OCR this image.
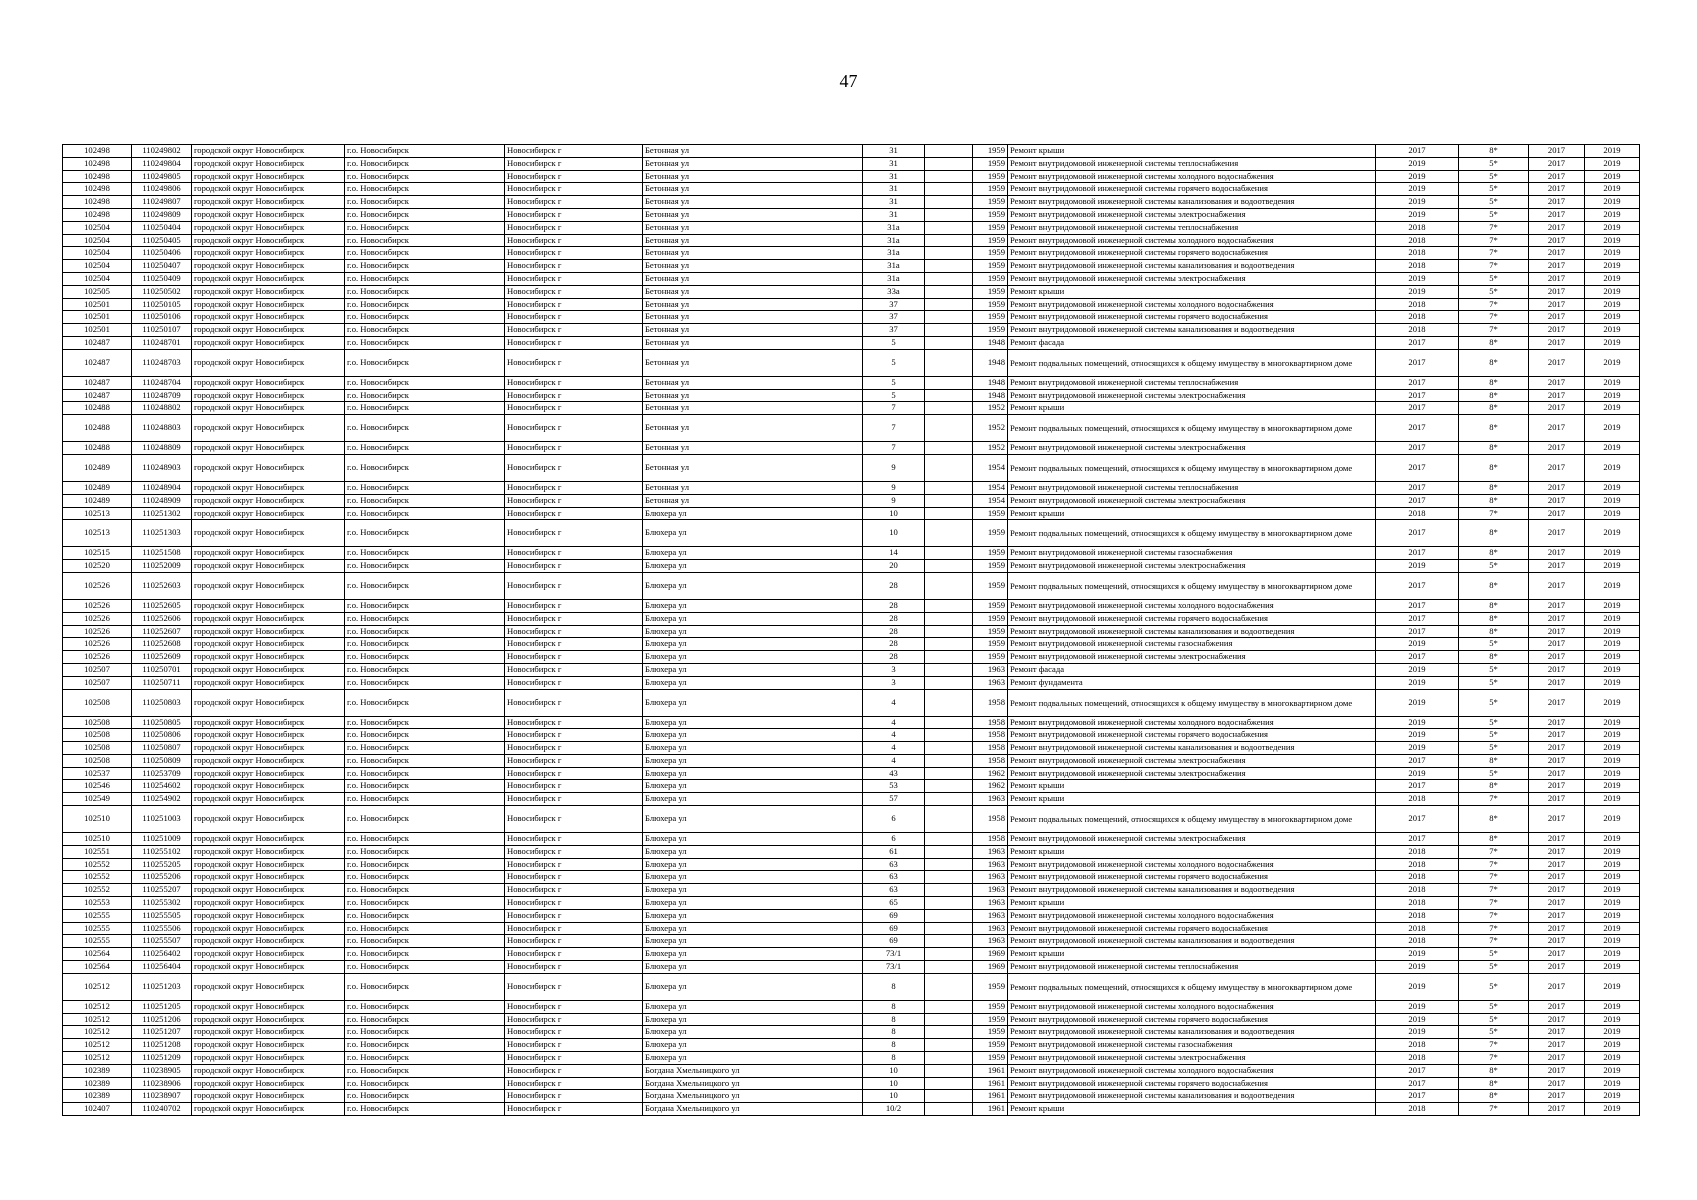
47
102498	110249802	городской округ Новосибирск	г.о. Новосибирск	Новосибирск г	Бетонная ул	31		1959	Ремонт крыши	2017	8*	2017	2019
102498	110249804	городской округ Новосибирск	г.о. Новосибирск	Новосибирск г	Бетонная ул	31		1959	Ремонт внутридомовой инженерной системы теплоснабжения	2019	5*	2017	2019
102498	110249805	городской округ Новосибирск	г.о. Новосибирск	Новосибирск г	Бетонная ул	31		1959	Ремонт внутридомовой инженерной системы холодного водоснабжения	2019	5*	2017	2019
102498	110249806	городской округ Новосибирск	г.о. Новосибирск	Новосибирск г	Бетонная ул	31		1959	Ремонт внутридомовой инженерной системы горячего водоснабжения	2019	5*	2017	2019
102498	110249807	городской округ Новосибирск	г.о. Новосибирск	Новосибирск г	Бетонная ул	31		1959	Ремонт внутридомовой инженерной системы канализования и водоотведения	2019	5*	2017	2019
102498	110249809	городской округ Новосибирск	г.о. Новосибирск	Новосибирск г	Бетонная ул	31		1959	Ремонт внутридомовой инженерной системы электроснабжения	2019	5*	2017	2019
102504	110250404	городской округ Новосибирск	г.о. Новосибирск	Новосибирск г	Бетонная ул	31а		1959	Ремонт внутридомовой инженерной системы теплоснабжения	2018	7*	2017	2019
102504	110250405	городской округ Новосибирск	г.о. Новосибирск	Новосибирск г	Бетонная ул	31а		1959	Ремонт внутридомовой инженерной системы холодного водоснабжения	2018	7*	2017	2019
102504	110250406	городской округ Новосибирск	г.о. Новосибирск	Новосибирск г	Бетонная ул	31а		1959	Ремонт внутридомовой инженерной системы горячего водоснабжения	2018	7*	2017	2019
102504	110250407	городской округ Новосибирск	г.о. Новосибирск	Новосибирск г	Бетонная ул	31а		1959	Ремонт внутридомовой инженерной системы канализования и водоотведения	2018	7*	2017	2019
102504	110250409	городской округ Новосибирск	г.о. Новосибирск	Новосибирск г	Бетонная ул	31а		1959	Ремонт внутридомовой инженерной системы электроснабжения	2019	5*	2017	2019
102505	110250502	городской округ Новосибирск	г.о. Новосибирск	Новосибирск г	Бетонная ул	33а		1959	Ремонт крыши	2019	5*	2017	2019
102501	110250105	городской округ Новосибирск	г.о. Новосибирск	Новосибирск г	Бетонная ул	37		1959	Ремонт внутридомовой инженерной системы холодного водоснабжения	2018	7*	2017	2019
102501	110250106	городской округ Новосибирск	г.о. Новосибирск	Новосибирск г	Бетонная ул	37		1959	Ремонт внутридомовой инженерной системы горячего водоснабжения	2018	7*	2017	2019
102501	110250107	городской округ Новосибирск	г.о. Новосибирск	Новосибирск г	Бетонная ул	37		1959	Ремонт внутридомовой инженерной системы канализования и водоотведения	2018	7*	2017	2019
102487	110248701	городской округ Новосибирск	г.о. Новосибирск	Новосибирск г	Бетонная ул	5		1948	Ремонт фасада	2017	8*	2017	2019
102487	110248703	городской округ Новосибирск	г.о. Новосибирск	Новосибирск г	Бетонная ул	5		1948	Ремонт подвальных помещений, относящихся к общему имуществу в многоквартирном доме	2017	8*	2017	2019
102487	110248704	городской округ Новосибирск	г.о. Новосибирск	Новосибирск г	Бетонная ул	5		1948	Ремонт внутридомовой инженерной системы теплоснабжения	2017	8*	2017	2019
102487	110248709	городской округ Новосибирск	г.о. Новосибирск	Новосибирск г	Бетонная ул	5		1948	Ремонт внутридомовой инженерной системы электроснабжения	2017	8*	2017	2019
102488	110248802	городской округ Новосибирск	г.о. Новосибирск	Новосибирск г	Бетонная ул	7		1952	Ремонт крыши	2017	8*	2017	2019
102488	110248803	городской округ Новосибирск	г.о. Новосибирск	Новосибирск г	Бетонная ул	7		1952	Ремонт подвальных помещений, относящихся к общему имуществу в многоквартирном доме	2017	8*	2017	2019
102488	110248809	городской округ Новосибирск	г.о. Новосибирск	Новосибирск г	Бетонная ул	7		1952	Ремонт внутридомовой инженерной системы электроснабжения	2017	8*	2017	2019
102489	110248903	городской округ Новосибирск	г.о. Новосибирск	Новосибирск г	Бетонная ул	9		1954	Ремонт подвальных помещений, относящихся к общему имуществу в многоквартирном доме	2017	8*	2017	2019
102489	110248904	городской округ Новосибирск	г.о. Новосибирск	Новосибирск г	Бетонная ул	9		1954	Ремонт внутридомовой инженерной системы теплоснабжения	2017	8*	2017	2019
102489	110248909	городской округ Новосибирск	г.о. Новосибирск	Новосибирск г	Бетонная ул	9		1954	Ремонт внутридомовой инженерной системы электроснабжения	2017	8*	2017	2019
102513	110251302	городской округ Новосибирск	г.о. Новосибирск	Новосибирск г	Блюхера ул	10		1959	Ремонт крыши	2018	7*	2017	2019
102513	110251303	городской округ Новосибирск	г.о. Новосибирск	Новосибирск г	Блюхера ул	10		1959	Ремонт подвальных помещений, относящихся к общему имуществу в многоквартирном доме	2017	8*	2017	2019
102515	110251508	городской округ Новосибирск	г.о. Новосибирск	Новосибирск г	Блюхера ул	14		1959	Ремонт внутридомовой инженерной системы газоснабжения	2017	8*	2017	2019
102520	110252009	городской округ Новосибирск	г.о. Новосибирск	Новосибирск г	Блюхера ул	20		1959	Ремонт внутридомовой инженерной системы электроснабжения	2019	5*	2017	2019
102526	110252603	городской округ Новосибирск	г.о. Новосибирск	Новосибирск г	Блюхера ул	28		1959	Ремонт подвальных помещений, относящихся к общему имуществу в многоквартирном доме	2017	8*	2017	2019
102526	110252605	городской округ Новосибирск	г.о. Новосибирск	Новосибирск г	Блюхера ул	28		1959	Ремонт внутридомовой инженерной системы холодного водоснабжения	2017	8*	2017	2019
102526	110252606	городской округ Новосибирск	г.о. Новосибирск	Новосибирск г	Блюхера ул	28		1959	Ремонт внутридомовой инженерной системы горячего водоснабжения	2017	8*	2017	2019
102526	110252607	городской округ Новосибирск	г.о. Новосибирск	Новосибирск г	Блюхера ул	28		1959	Ремонт внутридомовой инженерной системы канализования и водоотведения	2017	8*	2017	2019
102526	110252608	городской округ Новосибирск	г.о. Новосибирск	Новосибирск г	Блюхера ул	28		1959	Ремонт внутридомовой инженерной системы газоснабжения	2019	5*	2017	2019
102526	110252609	городской округ Новосибирск	г.о. Новосибирск	Новосибирск г	Блюхера ул	28		1959	Ремонт внутридомовой инженерной системы электроснабжения	2017	8*	2017	2019
102507	110250701	городской округ Новосибирск	г.о. Новосибирск	Новосибирск г	Блюхера ул	3		1963	Ремонт фасада	2019	5*	2017	2019
102507	110250711	городской округ Новосибирск	г.о. Новосибирск	Новосибирск г	Блюхера ул	3		1963	Ремонт фундамента	2019	5*	2017	2019
102508	110250803	городской округ Новосибирск	г.о. Новосибирск	Новосибирск г	Блюхера ул	4		1958	Ремонт подвальных помещений, относящихся к общему имуществу в многоквартирном доме	2019	5*	2017	2019
102508	110250805	городской округ Новосибирск	г.о. Новосибирск	Новосибирск г	Блюхера ул	4		1958	Ремонт внутридомовой инженерной системы холодного водоснабжения	2019	5*	2017	2019
102508	110250806	городской округ Новосибирск	г.о. Новосибирск	Новосибирск г	Блюхера ул	4		1958	Ремонт внутридомовой инженерной системы горячего водоснабжения	2019	5*	2017	2019
102508	110250807	городской округ Новосибирск	г.о. Новосибирск	Новосибирск г	Блюхера ул	4		1958	Ремонт внутридомовой инженерной системы канализования и водоотведения	2019	5*	2017	2019
102508	110250809	городской округ Новосибирск	г.о. Новосибирск	Новосибирск г	Блюхера ул	4		1958	Ремонт внутридомовой инженерной системы электроснабжения	2017	8*	2017	2019
102537	110253709	городской округ Новосибирск	г.о. Новосибирск	Новосибирск г	Блюхера ул	43		1962	Ремонт внутридомовой инженерной системы электроснабжения	2019	5*	2017	2019
102546	110254602	городской округ Новосибирск	г.о. Новосибирск	Новосибирск г	Блюхера ул	53		1962	Ремонт крыши	2017	8*	2017	2019
102549	110254902	городской округ Новосибирск	г.о. Новосибирск	Новосибирск г	Блюхера ул	57		1963	Ремонт крыши	2018	7*	2017	2019
102510	110251003	городской округ Новосибирск	г.о. Новосибирск	Новосибирск г	Блюхера ул	6		1958	Ремонт подвальных помещений, относящихся к общему имуществу в многоквартирном доме	2017	8*	2017	2019
102510	110251009	городской округ Новосибирск	г.о. Новосибирск	Новосибирск г	Блюхера ул	6		1958	Ремонт внутридомовой инженерной системы электроснабжения	2017	8*	2017	2019
102551	110255102	городской округ Новосибирск	г.о. Новосибирск	Новосибирск г	Блюхера ул	61		1963	Ремонт крыши	2018	7*	2017	2019
102552	110255205	городской округ Новосибирск	г.о. Новосибирск	Новосибирск г	Блюхера ул	63		1963	Ремонт внутридомовой инженерной системы холодного водоснабжения	2018	7*	2017	2019
102552	110255206	городской округ Новосибирск	г.о. Новосибирск	Новосибирск г	Блюхера ул	63		1963	Ремонт внутридомовой инженерной системы горячего водоснабжения	2018	7*	2017	2019
102552	110255207	городской округ Новосибирск	г.о. Новосибирск	Новосибирск г	Блюхера ул	63		1963	Ремонт внутридомовой инженерной системы канализования и водоотведения	2018	7*	2017	2019
102553	110255302	городской округ Новосибирск	г.о. Новосибирск	Новосибирск г	Блюхера ул	65		1963	Ремонт крыши	2018	7*	2017	2019
102555	110255505	городской округ Новосибирск	г.о. Новосибирск	Новосибирск г	Блюхера ул	69		1963	Ремонт внутридомовой инженерной системы холодного водоснабжения	2018	7*	2017	2019
102555	110255506	городской округ Новосибирск	г.о. Новосибирск	Новосибирск г	Блюхера ул	69		1963	Ремонт внутридомовой инженерной системы горячего водоснабжения	2018	7*	2017	2019
102555	110255507	городской округ Новосибирск	г.о. Новосибирск	Новосибирск г	Блюхера ул	69		1963	Ремонт внутридомовой инженерной системы канализования и водоотведения	2018	7*	2017	2019
102564	110256402	городской округ Новосибирск	г.о. Новосибирск	Новосибирск г	Блюхера ул	73/1		1969	Ремонт крыши	2019	5*	2017	2019
102564	110256404	городской округ Новосибирск	г.о. Новосибирск	Новосибирск г	Блюхера ул	73/1		1969	Ремонт внутридомовой инженерной системы теплоснабжения	2019	5*	2017	2019
102512	110251203	городской округ Новосибирск	г.о. Новосибирск	Новосибирск г	Блюхера ул	8		1959	Ремонт подвальных помещений, относящихся к общему имуществу в многоквартирном доме	2019	5*	2017	2019
102512	110251205	городской округ Новосибирск	г.о. Новосибирск	Новосибирск г	Блюхера ул	8		1959	Ремонт внутридомовой инженерной системы холодного водоснабжения	2019	5*	2017	2019
102512	110251206	городской округ Новосибирск	г.о. Новосибирск	Новосибирск г	Блюхера ул	8		1959	Ремонт внутридомовой инженерной системы горячего водоснабжения	2019	5*	2017	2019
102512	110251207	городской округ Новосибирск	г.о. Новосибирск	Новосибирск г	Блюхера ул	8		1959	Ремонт внутридомовой инженерной системы канализования и водоотведения	2019	5*	2017	2019
102512	110251208	городской округ Новосибирск	г.о. Новосибирск	Новосибирск г	Блюхера ул	8		1959	Ремонт внутридомовой инженерной системы газоснабжения	2018	7*	2017	2019
102512	110251209	городской округ Новосибирск	г.о. Новосибирск	Новосибирск г	Блюхера ул	8		1959	Ремонт внутридомовой инженерной системы электроснабжения	2018	7*	2017	2019
102389	110238905	городской округ Новосибирск	г.о. Новосибирск	Новосибирск г	Богдана Хмельницкого ул	10		1961	Ремонт внутридомовой инженерной системы холодного водоснабжения	2017	8*	2017	2019
102389	110238906	городской округ Новосибирск	г.о. Новосибирск	Новосибирск г	Богдана Хмельницкого ул	10		1961	Ремонт внутридомовой инженерной системы горячего водоснабжения	2017	8*	2017	2019
102389	110238907	городской округ Новосибирск	г.о. Новосибирск	Новосибирск г	Богдана Хмельницкого ул	10		1961	Ремонт внутридомовой инженерной системы канализования и водоотведения	2017	8*	2017	2019
102407	110240702	городской округ Новосибирск	г.о. Новосибирск	Новосибирск г	Богдана Хмельницкого ул	10/2		1961	Ремонт крыши	2018	7*	2017	2019
